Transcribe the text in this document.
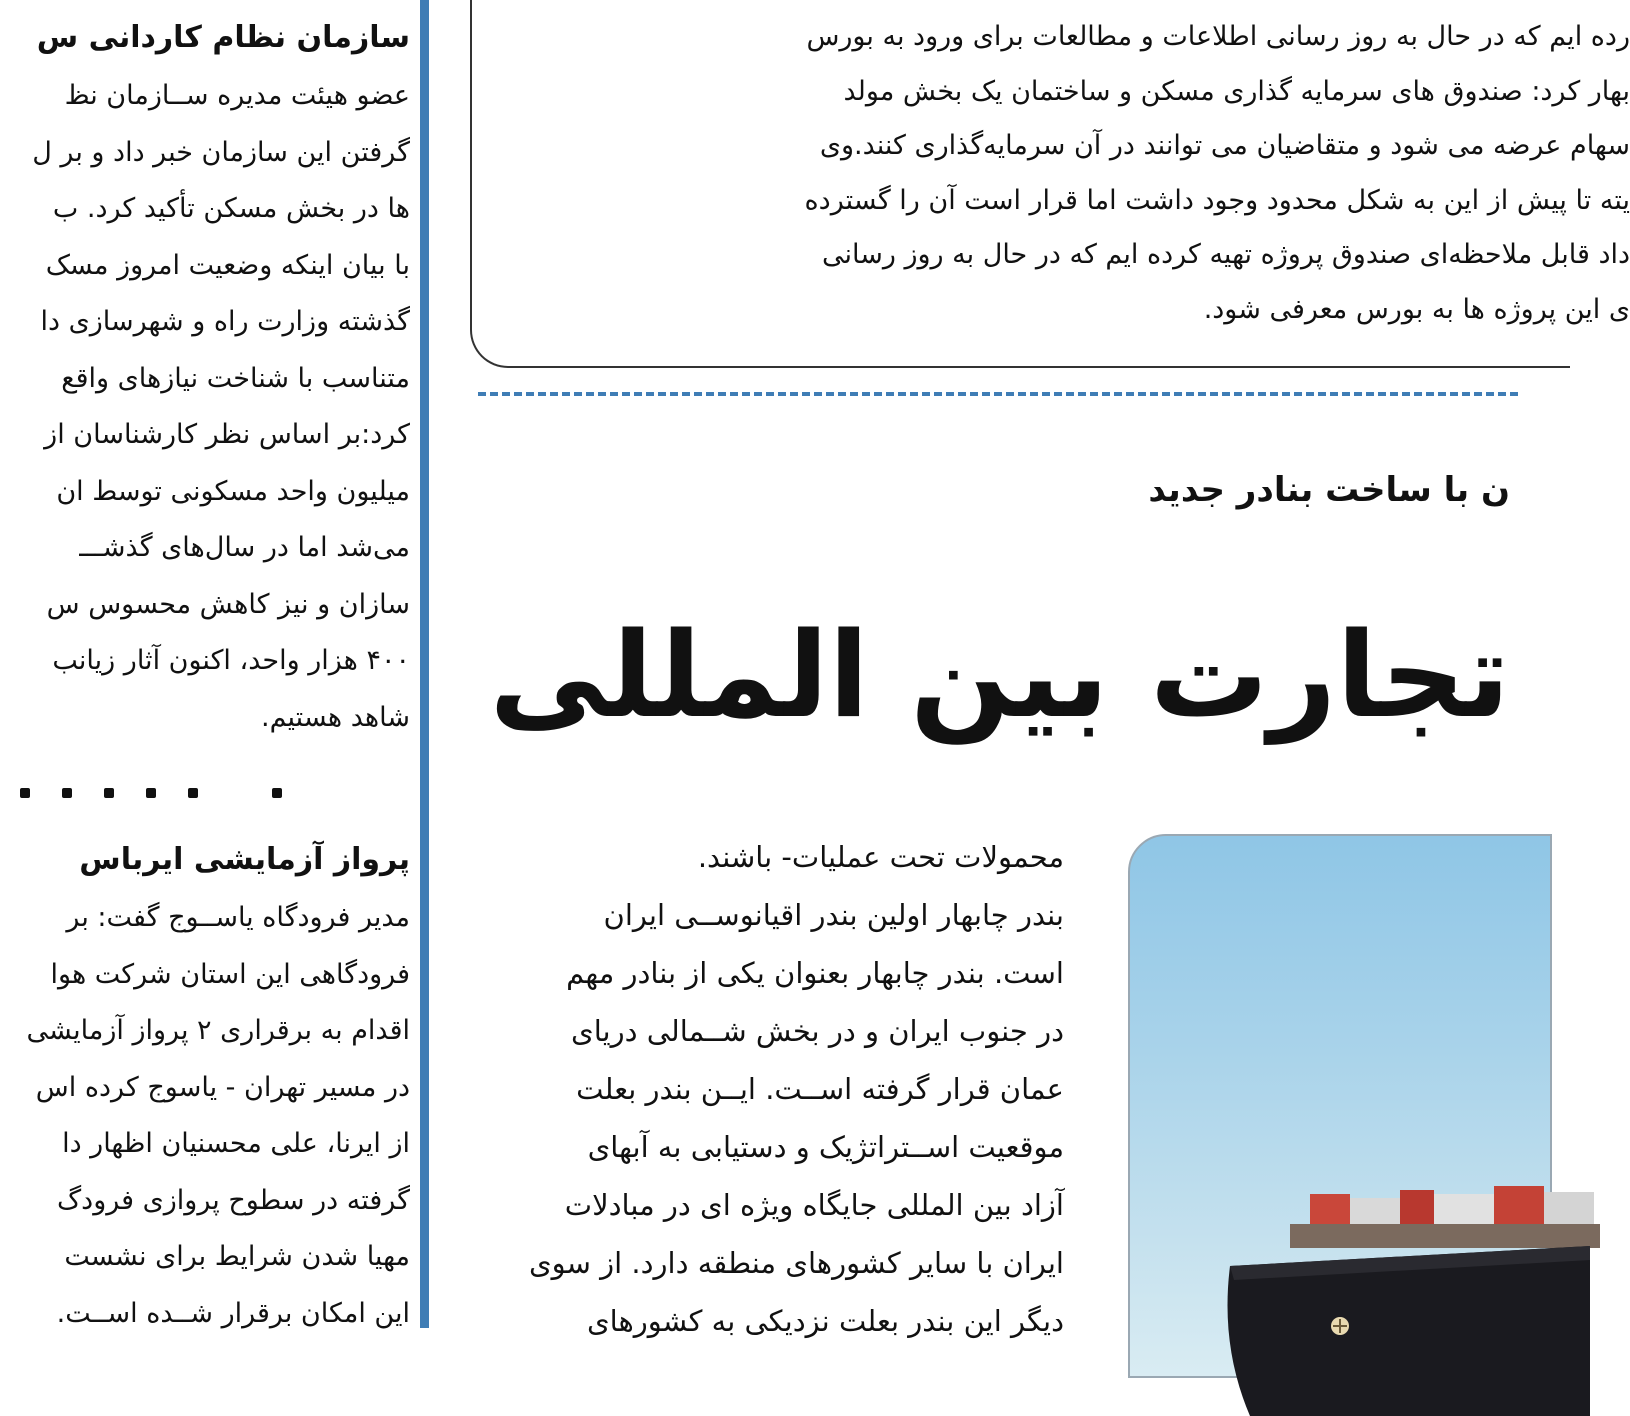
سازمان نظام کاردانی س
عضو هیئت مدیره ســازمان نظ
گرفتن این سازمان خبر داد و بر ل
ها در بخش مسکن تأکید کرد. ب
با بیان اینکه وضعیت امروز مسک
گذشته وزارت راه و شهرسازی دا
متناسب با شناخت نیازهای واقع
کرد:بر اساس نظر کارشناسان از
میلیون واحد مسکونی توسط ان
می‌شد اما در سال‌های گذشـــ
سازان و نیز کاهش محسوس س
۴۰۰ هزار واحد، اکنون آثار زیانب
شاهد هستیم.
پرواز آزمایشی ایرباس
مدیر فرودگاه یاســوج گفت: بر
فرودگاهی این استان شرکت هوا
اقدام به برقراری ۲ پرواز آزمایشی
در مسیر تهران - یاسوج کرده اس
از ایرنا، علی محسنیان اظهار دا
گرفته در سطوح پروازی فرودگ
مهیا شدن شرایط برای نشست
این امکان برقرار شــده اســت.
رده ایم که در حال به روز رسانی اطلاعات و مطالعات برای ورود به بورس
بهار کرد: صندوق های سرمایه گذاری مسکن و ساختمان یک بخش مولد
سهام عرضه می شود و متقاضیان می توانند در آن سرمایه‌گذاری کنند.وی
یته تا پیش از این به شکل محدود وجود داشت اما قرار است آن را گسترده
داد قابل ملاحظه‌ای صندوق پروژه تهیه کرده ایم که در حال به روز رسانی
ی این پروژه ها به بورس معرفی شود.
ن با ساخت بنادر جدید
تجارت بین المللی
محمولات تحت عملیات- باشند.
بندر چابهار اولین بندر اقیانوســی ایران
است. بندر چابهار بعنوان یکی از بنادر مهم
در جنوب ایران و در بخش شــمالی دریای
عمان قرار گرفته اســت. ایــن بندر بعلت
موقعیت اســتراتژیک و دستیابی به آبهای
آزاد بین المللی جایگاه ویژه ای در مبادلات
ایران با سایر کشورهای منطقه دارد. از سوی
دیگر این بندر بعلت نزدیکی به کشورهای
